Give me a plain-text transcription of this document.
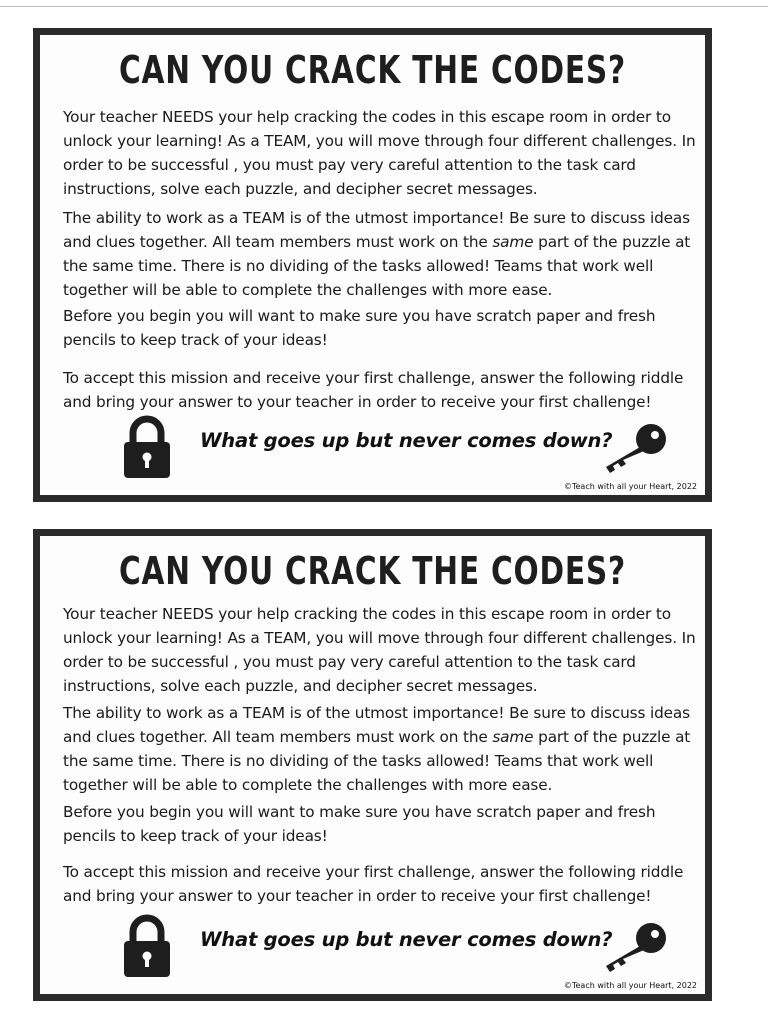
CAN YOU CRACK THE CODES?

Your teacher NEEDS your help cracking the codes in this escape room in order to unlock your learning! As a TEAM, you will move through four different challenges. In order to be successful , you must pay very careful attention to the task card instructions, solve each puzzle, and decipher secret messages.

The ability to work as a TEAM is of the utmost importance! Be sure to discuss ideas and clues together. All team members must work on the same part of the puzzle at the same time. There is no dividing of the tasks allowed! Teams that work well together will be able to complete the challenges with more ease.

Before you begin you will want to make sure you have scratch paper and fresh pencils to keep track of your ideas!

To accept this mission and receive your first challenge, answer the following riddle and bring your answer to your teacher in order to receive your first challenge!

What goes up but never comes down?
©Teach with all your Heart, 2022
CAN YOU CRACK THE CODES?

Your teacher NEEDS your help cracking the codes in this escape room in order to unlock your learning! As a TEAM, you will move through four different challenges. In order to be successful , you must pay very careful attention to the task card instructions, solve each puzzle, and decipher secret messages.

The ability to work as a TEAM is of the utmost importance! Be sure to discuss ideas and clues together. All team members must work on the same part of the puzzle at the same time. There is no dividing of the tasks allowed! Teams that work well together will be able to complete the challenges with more ease.

Before you begin you will want to make sure you have scratch paper and fresh pencils to keep track of your ideas!

To accept this mission and receive your first challenge, answer the following riddle and bring your answer to your teacher in order to receive your first challenge!

What goes up but never comes down?
©Teach with all your Heart, 2022
